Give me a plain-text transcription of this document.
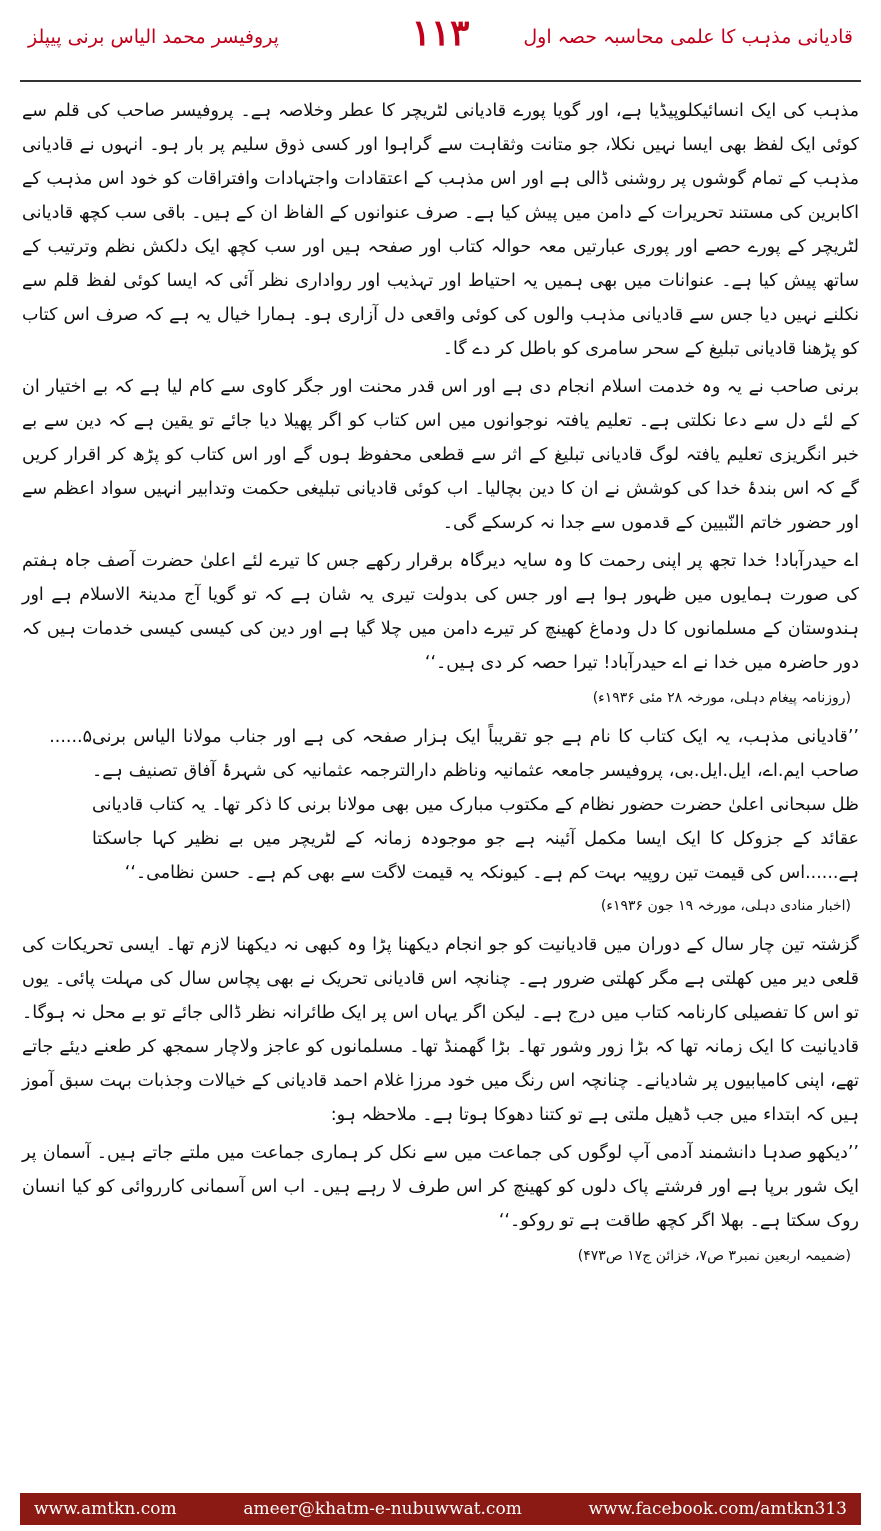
پروفیسر محمد الیاس برنی پیپلز	۱۱۳	قادیانی مذہب کا علمی محاسبہ حصہ اول

مذہب کی ایک انسائیکلوپیڈیا ہے، اور گویا پورے قادیانی لٹریچر کا عطر وخلاصہ ہے۔ پروفیسر صاحب کی قلم سے کوئی ایک لفظ بھی ایسا نہیں نکلا، جو متانت وثقاہت سے گراہوا اور کسی ذوق سلیم پر بار ہو۔ انہوں نے قادیانی مذہب کے تمام گوشوں پر روشنی ڈالی ہے اور اس مذہب کے اعتقادات واجتہادات وافتراقات کو خود اس مذہب کے اکابرین کی مستند تحریرات کے دامن میں پیش کیا ہے۔ صرف عنوانوں کے الفاظ ان کے ہیں۔ باقی سب کچھ قادیانی لٹریچر کے پورے حصے اور پوری عبارتیں معہ حوالہ کتاب اور صفحہ ہیں اور سب کچھ ایک دلکش نظم وترتیب کے ساتھ پیش کیا ہے۔ عنوانات میں بھی ہمیں یہ احتیاط اور تہذیب اور رواداری نظر آئی کہ ایسا کوئی لفظ قلم سے نکلنے نہیں دیا جس سے قادیانی مذہب والوں کی کوئی واقعی دل آزاری ہو۔ ہمارا خیال یہ ہے کہ صرف اس کتاب کو پڑھنا قادیانی تبلیغ کے سحر سامری کو باطل کر دے گا۔

برنی صاحب نے یہ وہ خدمت اسلام انجام دی ہے اور اس قدر محنت اور جگر کاوی سے کام لیا ہے کہ بے اختیار ان کے لئے دل سے دعا نکلتی ہے۔ تعلیم یافتہ نوجوانوں میں اس کتاب کو اگر پھیلا دیا جائے تو یقین ہے کہ دین سے بے خبر انگریزی تعلیم یافتہ لوگ قادیانی تبلیغ کے اثر سے قطعی محفوظ ہوں گے اور اس کتاب کو پڑھ کر اقرار کریں گے کہ اس بندۂ خدا کی کوشش نے ان کا دین بچالیا۔ اب کوئی قادیانی تبلیغی حکمت وتدابیر انہیں سواد اعظم سے اور حضور خاتم النّبیین کے قدموں سے جدا نہ کرسکے گی۔

اے حیدرآباد! خدا تجھ پر اپنی رحمت کا وہ سایہ دیرگاہ برقرار رکھے جس کا تیرے لئے اعلیٰ حضرت آصف جاہ ہفتم کی صورت ہمایوں میں ظہور ہوا ہے اور جس کی بدولت تیری یہ شان ہے کہ تو گویا آج مدینۃ الاسلام ہے اور ہندوستان کے مسلمانوں کا دل ودماغ کھینچ کر تیرے دامن میں چلا گیا ہے اور دین کی کیسی کیسی خدمات ہیں کہ دور حاضرہ میں خدا نے اے حیدرآباد! تیرا حصہ کر دی ہیں۔‘‘

(روزنامہ پیغام دہلی، مورخہ ۲۸ مئی ۱۹۳۶ء)

’’قادیانی مذہب، یہ ایک کتاب کا نام ہے جو تقریباً ایک ہزار صفحہ کی ہے اور جناب مولانا الیاس برنی صاحب ایم.اے، ایل.ایل.بی، پروفیسر جامعہ عثمانیہ وناظم دارالترجمہ عثمانیہ کی شہرۂ آفاق تصنیف ہے۔ ظل سبحانی اعلیٰ حضرت حضور نظام کے مکتوب مبارک میں بھی مولانا برنی کا ذکر تھا۔ یہ کتاب قادیانی عقائد کے جزوکل کا ایک ایسا مکمل آئینہ ہے جو موجودہ زمانہ کے لٹریچر میں بے نظیر کہا جاسکتا ہے......اس کی قیمت تین روپیہ بہت کم ہے۔ کیونکہ یہ قیمت لاگت سے بھی کم ہے۔ حسن نظامی۔‘‘
۵......

(اخبار منادی دہلی، مورخہ ۱۹ جون ۱۹۳۶ء)

گزشتہ تین چار سال کے دوران میں قادیانیت کو جو انجام دیکھنا پڑا وہ کبھی نہ دیکھنا لازم تھا۔ ایسی تحریکات کی قلعی دیر میں کھلتی ہے مگر کھلتی ضرور ہے۔ چنانچہ اس قادیانی تحریک نے بھی پچاس سال کی مہلت پائی۔ یوں تو اس کا تفصیلی کارنامہ کتاب میں درج ہے۔ لیکن اگر یہاں اس پر ایک طائرانہ نظر ڈالی جائے تو بے محل نہ ہوگا۔ قادیانیت کا ایک زمانہ تھا کہ بڑا زور وشور تھا۔ بڑا گھمنڈ تھا۔ مسلمانوں کو عاجز ولاچار سمجھ کر طعنے دیئے جاتے تھے، اپنی کامیابیوں پر شادیانے۔ چنانچہ اس رنگ میں خود مرزا غلام احمد قادیانی کے خیالات وجذبات بہت سبق آموز ہیں کہ ابتداء میں جب ڈھیل ملتی ہے تو کتنا دھوکا ہوتا ہے۔ ملاحظہ ہو:

’’دیکھو صدہا دانشمند آدمی آپ لوگوں کی جماعت میں سے نکل کر ہماری جماعت میں ملتے جاتے ہیں۔ آسمان پر ایک شور برپا ہے اور فرشتے پاک دلوں کو کھینچ کر اس طرف لا رہے ہیں۔ اب اس آسمانی کارروائی کو کیا انسان روک سکتا ہے۔ بھلا اگر کچھ طاقت ہے تو روکو۔‘‘

(ضمیمہ اربعین نمبر۳ ص۷، خزائن ج۱۷ ص۴۷۳)

www.amtkn.com	ameer@khatm-e-nubuwwat.com	www.facebook.com/amtkn313
